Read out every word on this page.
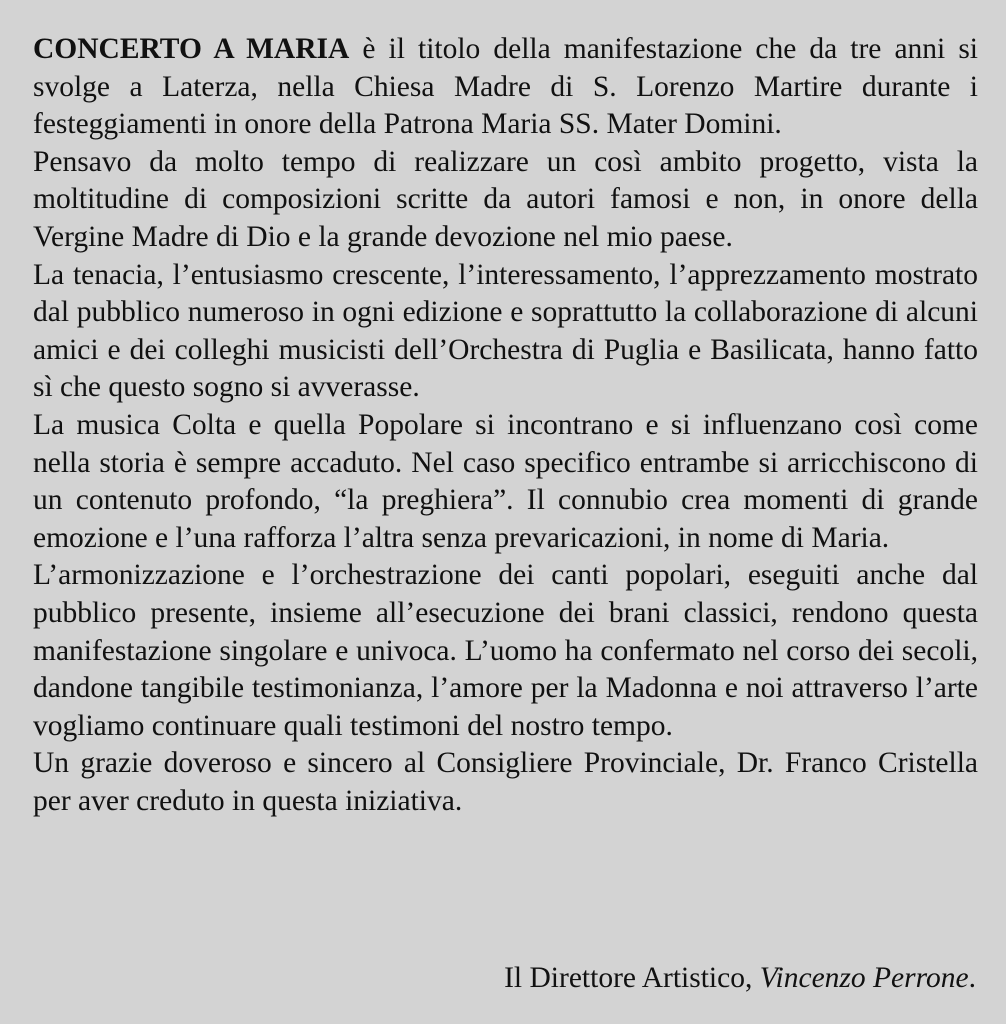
CONCERTO A MARIA è il titolo della manifestazione che da tre anni si svolge a Laterza, nella Chiesa Madre di S. Lorenzo Martire durante i festeggiamenti in onore della Patrona Maria SS. Mater Domini.

Pensavo da molto tempo di realizzare un così ambito progetto, vista la moltitudine di composizioni scritte da autori famosi e non, in onore della Vergine Madre di Dio e la grande devozione nel mio paese.

La tenacia, l’entusiasmo crescente, l’interessamento, l’apprezzamento mostrato dal pubblico numeroso in ogni edizione e soprattutto la collaborazione di alcuni amici e dei colleghi musicisti dell’Orchestra di Puglia e Basilicata, hanno fatto sì che questo sogno si avverasse.

La musica Colta e quella Popolare si incontrano e si influenzano così come nella storia è sempre accaduto. Nel caso specifico entrambe si arricchiscono di un contenuto profondo, “la preghiera”. Il connubio crea momenti di grande emozione e l’una rafforza l’altra senza prevaricazioni, in nome di Maria.

L’armonizzazione e l’orchestrazione dei canti popolari, eseguiti anche dal pubblico presente, insieme all’esecuzione dei brani classici, rendono questa manifestazione singolare e univoca. L’uomo ha confermato nel corso dei secoli, dandone tangibile testimonianza, l’amore per la Madonna e noi attraverso l’arte vogliamo continuare quali testimoni del nostro tempo.

Un grazie doveroso e sincero al Consigliere Provinciale, Dr. Franco Cristella per aver creduto in questa iniziativa.

Il Direttore Artistico, Vincenzo Perrone.
